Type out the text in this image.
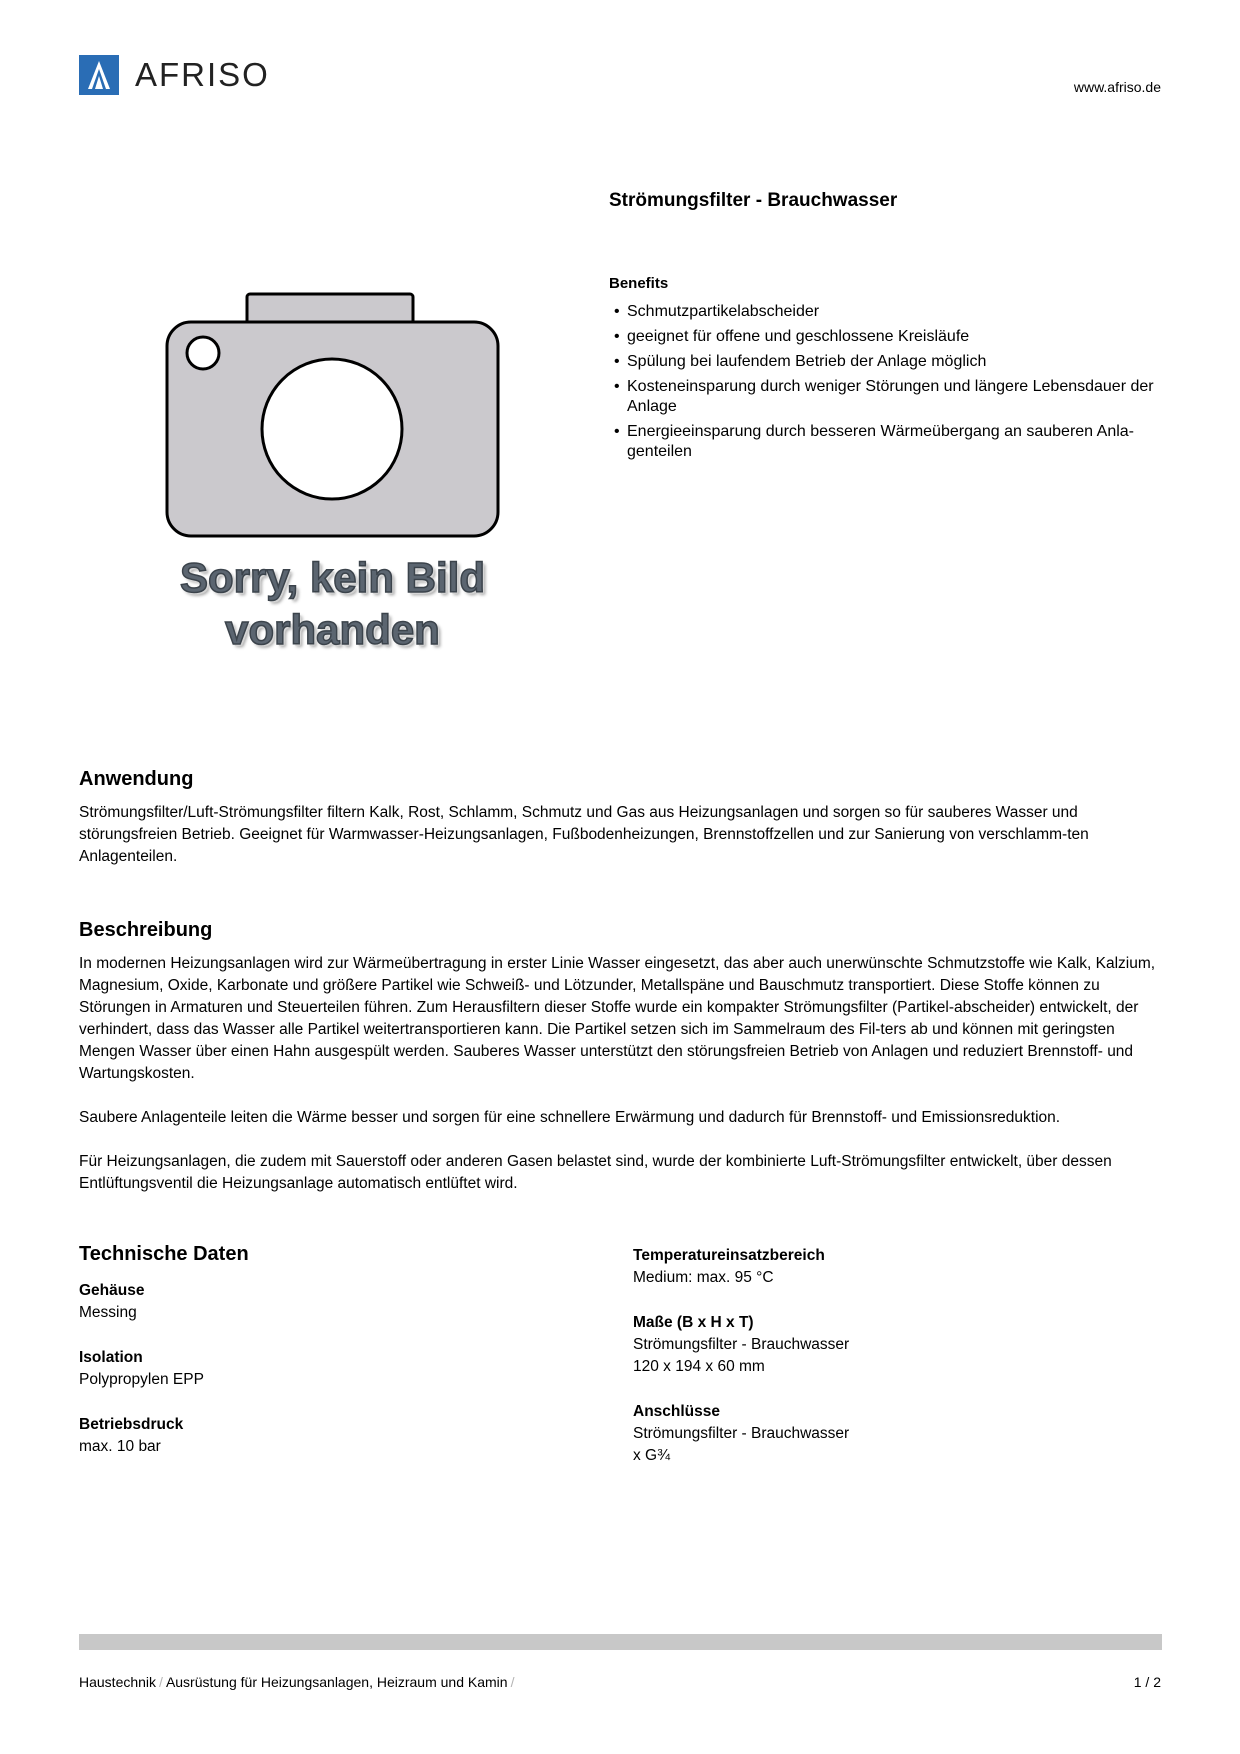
AFRISO	www.afriso.de
Strömungsfilter - Brauchwasser
Sorry, kein Bild
vorhanden
Benefits
• Schmutzpartikelabscheider
• geeignet für offene und geschlossene Kreisläufe
• Spülung bei laufendem Betrieb der Anlage möglich
• Kosteneinsparung durch weniger Störungen und längere Lebensdauer der Anlage
• Energieeinsparung durch besseren Wärmeübergang an sauberen Anla-genteilen
Anwendung

Strömungsfilter/Luft-Strömungsfilter filtern Kalk, Rost, Schlamm, Schmutz und Gas aus Heizungsanlagen und sorgen so für sauberes Wasser und störungsfreien Betrieb. Geeignet für Warmwasser-Heizungsanlagen, Fußbodenheizungen, Brennstoffzellen und zur Sanierung von verschlamm-ten Anlagenteilen.

Beschreibung

In modernen Heizungsanlagen wird zur Wärmeübertragung in erster Linie Wasser eingesetzt, das aber auch unerwünschte Schmutzstoffe wie Kalk, Kalzium, Magnesium, Oxide, Karbonate und größere Partikel wie Schweiß- und Lötzunder, Metallspäne und Bauschmutz transportiert. Diese Stoffe können zu Störungen in Armaturen und Steuerteilen führen. Zum Herausfiltern dieser Stoffe wurde ein kompakter Strömungsfilter (Partikel-abscheider) entwickelt, der verhindert, dass das Wasser alle Partikel weitertransportieren kann. Die Partikel setzen sich im Sammelraum des Fil-ters ab und können mit geringsten Mengen Wasser über einen Hahn ausgespült werden. Sauberes Wasser unterstützt den störungsfreien Betrieb von Anlagen und reduziert Brennstoff- und Wartungskosten.

Saubere Anlagenteile leiten die Wärme besser und sorgen für eine schnellere Erwärmung und dadurch für Brennstoff- und Emissionsreduktion.

Für Heizungsanlagen, die zudem mit Sauerstoff oder anderen Gasen belastet sind, wurde der kombinierte Luft-Strömungsfilter entwickelt, über dessen Entlüftungsventil die Heizungsanlage automatisch entlüftet wird.

Technische Daten
Gehäuse
Messing
Isolation
Polypropylen EPP
Betriebsdruck
max. 10 bar
Temperatureinsatzbereich
Medium: max. 95 °C
Maße (B x H x T)
Strömungsfilter - Brauchwasser
120 x 194 x 60 mm
Anschlüsse
Strömungsfilter - Brauchwasser
x G¾
Haustechnik / Ausrüstung für Heizungsanlagen, Heizraum und Kamin /	1 / 2
